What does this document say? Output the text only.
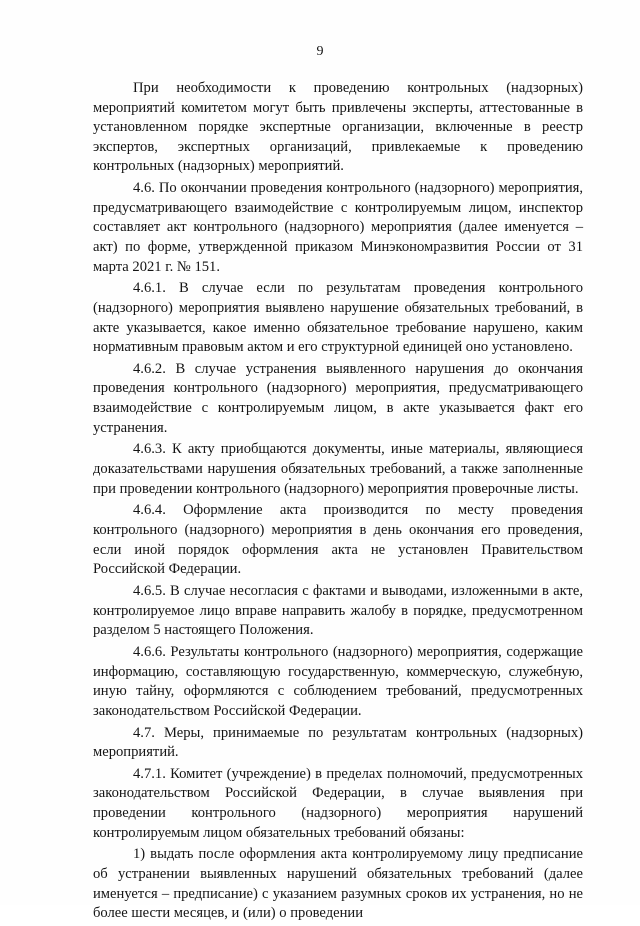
9

При необходимости к проведению контрольных (надзорных) мероприятий комитетом могут быть привлечены эксперты, аттестованные в установленном порядке экспертные организации, включенные в реестр экспертов, экспертных организаций, привлекаемые к проведению контрольных (надзорных) мероприятий.

4.6. По окончании проведения контрольного (надзорного) мероприятия, предусматривающего взаимодействие с контролируемым лицом, инспектор составляет акт контрольного (надзорного) мероприятия (далее именуется – акт) по форме, утвержденной приказом Минэкономразвития России от 31 марта 2021 г. № 151.

4.6.1. В случае если по результатам проведения контрольного (надзорного) мероприятия выявлено нарушение обязательных требований, в акте указывается, какое именно обязательное требование нарушено, каким нормативным правовым актом и его структурной единицей оно установлено.

4.6.2. В случае устранения выявленного нарушения до окончания проведения контрольного (надзорного) мероприятия, предусматривающего взаимодействие с контролируемым лицом, в акте указывается факт его устранения.

4.6.3. К акту приобщаются документы, иные материалы, являющиеся доказательствами нарушения обязательных требований, а также заполненные при проведении контрольного (надзорного) мероприятия проверочные листы.

4.6.4. Оформление акта производится по месту проведения контрольного (надзорного) мероприятия в день окончания его проведения, если иной порядок оформления акта не установлен Правительством Российской Федерации.

4.6.5. В случае несогласия с фактами и выводами, изложенными в акте, контролируемое лицо вправе направить жалобу в порядке, предусмотренном разделом 5 настоящего Положения.

4.6.6. Результаты контрольного (надзорного) мероприятия, содержащие информацию, составляющую государственную, коммерческую, служебную, иную тайну, оформляются с соблюдением требований, предусмотренных законодательством Российской Федерации.

4.7. Меры, принимаемые по результатам контрольных (надзорных) мероприятий.

4.7.1. Комитет (учреждение) в пределах полномочий, предусмотренных законодательством Российской Федерации, в случае выявления при проведении контрольного (надзорного) мероприятия нарушений контролируемым лицом обязательных требований обязаны:

1) выдать после оформления акта контролируемому лицу предписание об устранении выявленных нарушений обязательных требований (далее именуется – предписание) с указанием разумных сроков их устранения, но не более шести месяцев, и (или) о проведении
